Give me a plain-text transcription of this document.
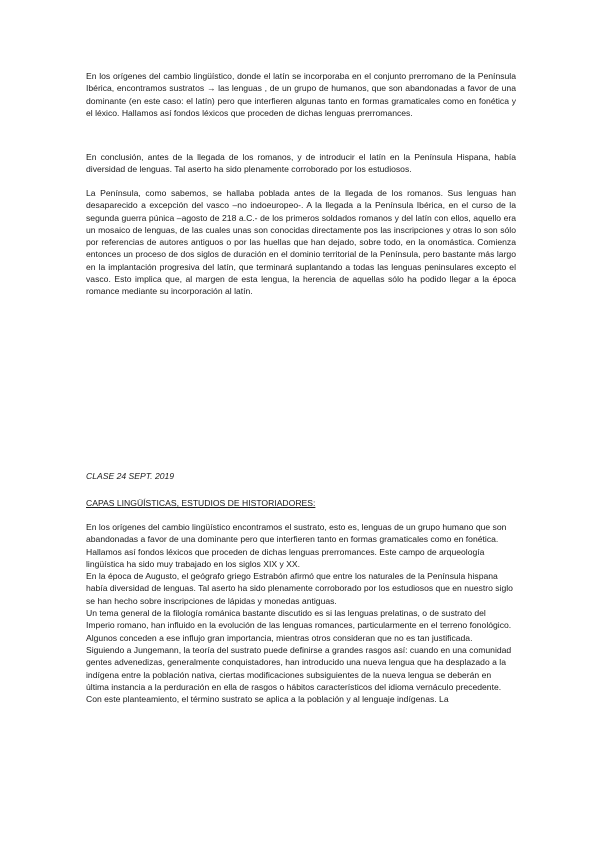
En los orígenes del cambio lingüístico, donde el latín se incorporaba en el conjunto prerromano de la Península Ibérica, encontramos sustratos → las lenguas , de un grupo de humanos, que son abandonadas a favor de una dominante (en este caso: el latín) pero que interfieren algunas tanto en formas gramaticales como en fonética y el léxico. Hallamos así fondos léxicos que proceden de dichas lenguas prerromances.

En conclusión, antes de la llegada de los romanos, y de introducir el latín en la Península Hispana, había diversidad de lenguas. Tal aserto ha sido plenamente corroborado por los estudiosos.

La Península, como sabemos, se hallaba poblada antes de la llegada de los romanos. Sus lenguas han desaparecido a excepción del vasco –no indoeuropeo-. A la llegada a la Península Ibérica, en el curso de la segunda guerra púnica –agosto de 218 a.C.- de los primeros soldados romanos y del latín con ellos, aquello era un mosaico de lenguas, de las cuales unas son conocidas directamente pos las inscripciones y otras lo son sólo por referencias de autores antiguos o por las huellas que han dejado, sobre todo, en la onomástica. Comienza entonces un proceso de dos siglos de duración en el dominio territorial de la Península, pero bastante más largo en la implantación progresiva del latín, que terminará suplantando a todas las lenguas peninsulares excepto el vasco. Esto implica que, al margen de esta lengua, la herencia de aquellas sólo ha podido llegar a la época romance mediante su incorporación al latín.

CLASE 24 SEPT. 2019

CAPAS LINGÜÍSTICAS, ESTUDIOS DE HISTORIADORES:

En los orígenes del cambio lingüístico encontramos el sustrato, esto es, lenguas de un grupo humano que son abandonadas a favor de una dominante pero que interfieren tanto en formas gramaticales como en fonética.

Hallamos así fondos léxicos que proceden de dichas lenguas prerromances. Este campo de arqueología lingüística ha sido muy trabajado en los siglos XIX y XX.

En la época de Augusto, el geógrafo griego Estrabón afirmó que entre los naturales de la Península hispana había diversidad de lenguas. Tal aserto ha sido plenamente corroborado por los estudiosos que en nuestro siglo se han hecho sobre inscripciones de lápidas y monedas antiguas.

Un tema general de la filología románica bastante discutido es si las lenguas prelatinas, o de sustrato del Imperio romano, han influido en la evolución de las lenguas romances, particularmente en el terreno fonológico. Algunos conceden a ese influjo gran importancia, mientras otros consideran que no es tan justificada.

Siguiendo a Jungemann, la teoría del sustrato puede definirse a grandes rasgos así: cuando en una comunidad gentes advenedizas, generalmente conquistadores, han introducido una nueva lengua que ha desplazado a la indígena entre la población nativa, ciertas modificaciones subsiguientes de la nueva lengua se deberán en última instancia a la perduración en ella de rasgos o hábitos característicos del idioma vernáculo precedente.

Con este planteamiento, el término sustrato se aplica a la población y al lenguaje indígenas. La
